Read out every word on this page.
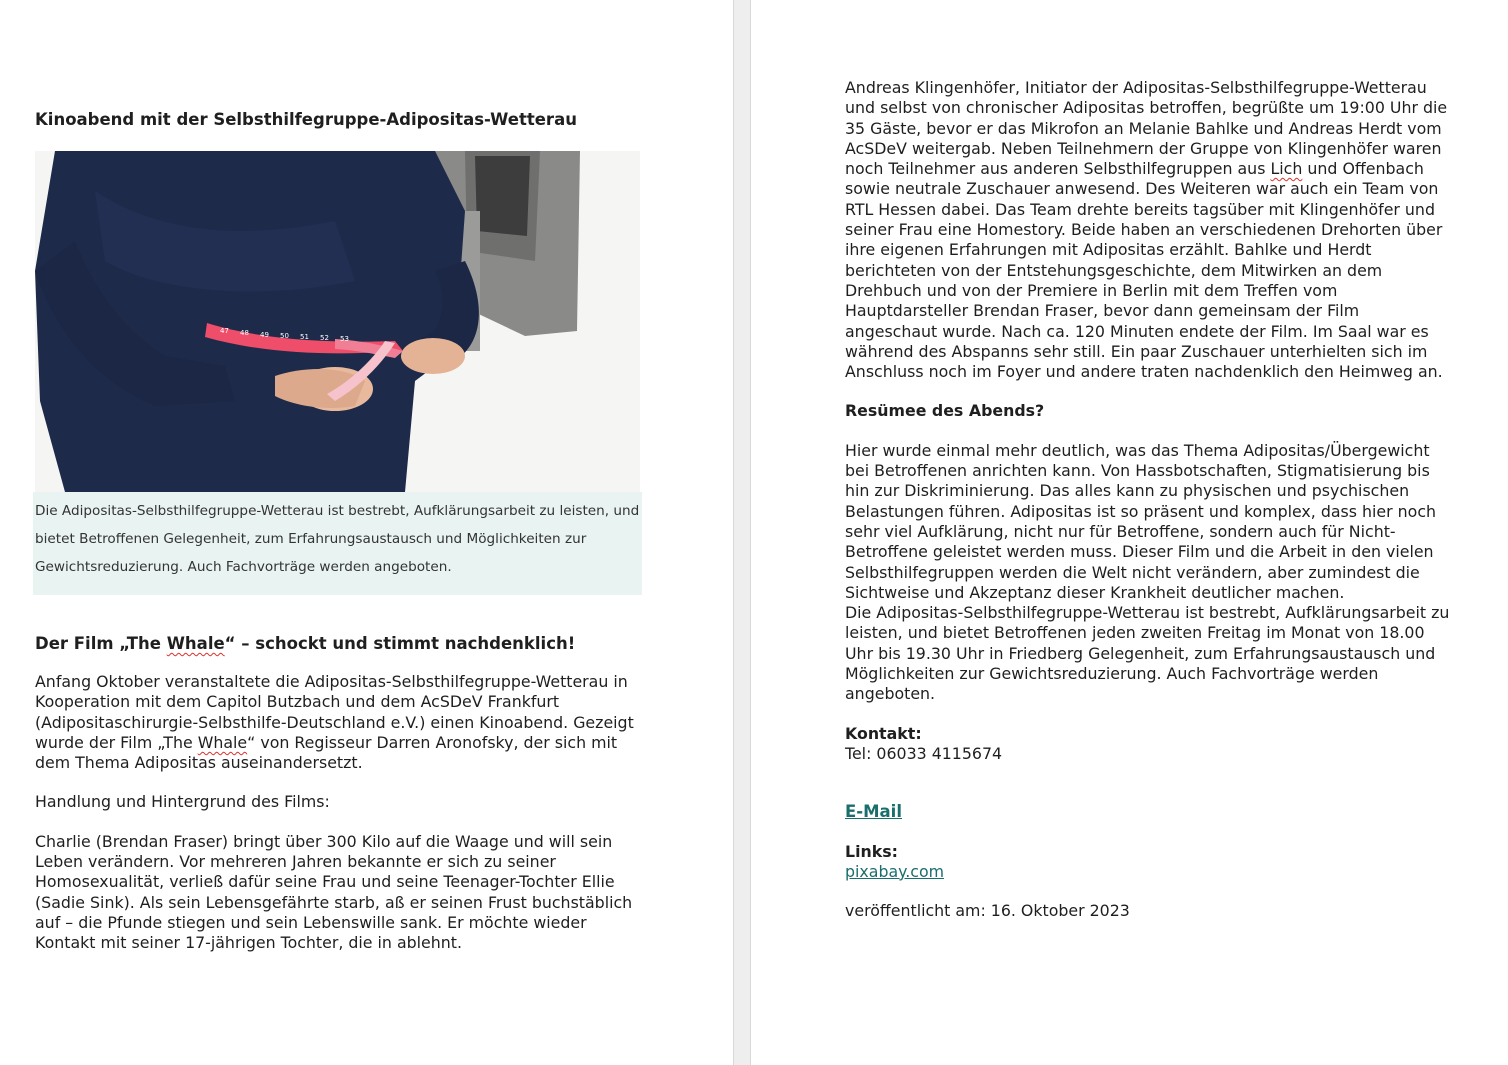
Kinoabend mit der Selbsthilfegruppe-Adipositas-Wetterau
47 48 49 50 51 52 53

Die Adipositas-Selbsthilfegruppe-Wetterau ist bestrebt, Aufklärungsarbeit zu leisten, und bietet Betroffenen Gelegenheit, zum Erfahrungsaustausch und Möglichkeiten zur Gewichtsreduzierung. Auch Fachvorträge werden angeboten.

Der Film „The Whale“ – schockt und stimmt nachdenklich!

Anfang Oktober veranstaltete die Adipositas-Selbsthilfegruppe-Wetterau in Kooperation mit dem Capitol Butzbach und dem AcSDeV Frankfurt (Adipositaschirurgie-Selbsthilfe-Deutschland e.V.) einen Kinoabend. Gezeigt wurde der Film „The Whale“ von Regisseur Darren Aronofsky, der sich mit dem Thema Adipositas auseinandersetzt.

Handlung und Hintergrund des Films:

Charlie (Brendan Fraser) bringt über 300 Kilo auf die Waage und will sein Leben verändern. Vor mehreren Jahren bekannte er sich zu seiner Homosexualität, verließ dafür seine Frau und seine Teenager-Tochter Ellie (Sadie Sink). Als sein Lebensgefährte starb, aß er seinen Frust buchstäblich auf – die Pfunde stiegen und sein Lebenswille sank. Er möchte wieder Kontakt mit seiner 17-jährigen Tochter, die in ablehnt.

Andreas Klingenhöfer, Initiator der Adipositas-Selbsthilfegruppe-Wetterau und selbst von chronischer Adipositas betroffen, begrüßte um 19:00 Uhr die 35 Gäste, bevor er das Mikrofon an Melanie Bahlke und Andreas Herdt vom AcSDeV weitergab. Neben Teilnehmern der Gruppe von Klingenhöfer waren noch Teilnehmer aus anderen Selbsthilfegruppen aus Lich und Offenbach sowie neutrale Zuschauer anwesend. Des Weiteren war auch ein Team von RTL Hessen dabei. Das Team drehte bereits tagsüber mit Klingenhöfer und seiner Frau eine Homestory. Beide haben an verschiedenen Drehorten über ihre eigenen Erfahrungen mit Adipositas erzählt. Bahlke und Herdt berichteten von der Entstehungsgeschichte, dem Mitwirken an dem Drehbuch und von der Premiere in Berlin mit dem Treffen vom Hauptdarsteller Brendan Fraser, bevor dann gemeinsam der Film angeschaut wurde. Nach ca. 120 Minuten endete der Film. Im Saal war es während des Abspanns sehr still. Ein paar Zuschauer unterhielten sich im Anschluss noch im Foyer und andere traten nachdenklich den Heimweg an.

Resümee des Abends?

Hier wurde einmal mehr deutlich, was das Thema Adipositas/Übergewicht bei Betroffenen anrichten kann. Von Hassbotschaften, Stigmatisierung bis hin zur Diskriminierung. Das alles kann zu physischen und psychischen Belastungen führen. Adipositas ist so präsent und komplex, dass hier noch sehr viel Aufklärung, nicht nur für Betroffene, sondern auch für Nicht-Betroffene geleistet werden muss. Dieser Film und die Arbeit in den vielen Selbsthilfegruppen werden die Welt nicht verändern, aber zumindest die Sichtweise und Akzeptanz dieser Krankheit deutlicher machen.

Die Adipositas-Selbsthilfegruppe-Wetterau ist bestrebt, Aufklärungsarbeit zu leisten, und bietet Betroffenen jeden zweiten Freitag im Monat von 18.00 Uhr bis 19.30 Uhr in Friedberg Gelegenheit, zum Erfahrungsaustausch und Möglichkeiten zur Gewichtsreduzierung. Auch Fachvorträge werden angeboten.

Kontakt:

Tel: 06033 4115674

E-Mail

Links:

pixabay.com

veröffentlicht am: 16. Oktober 2023
